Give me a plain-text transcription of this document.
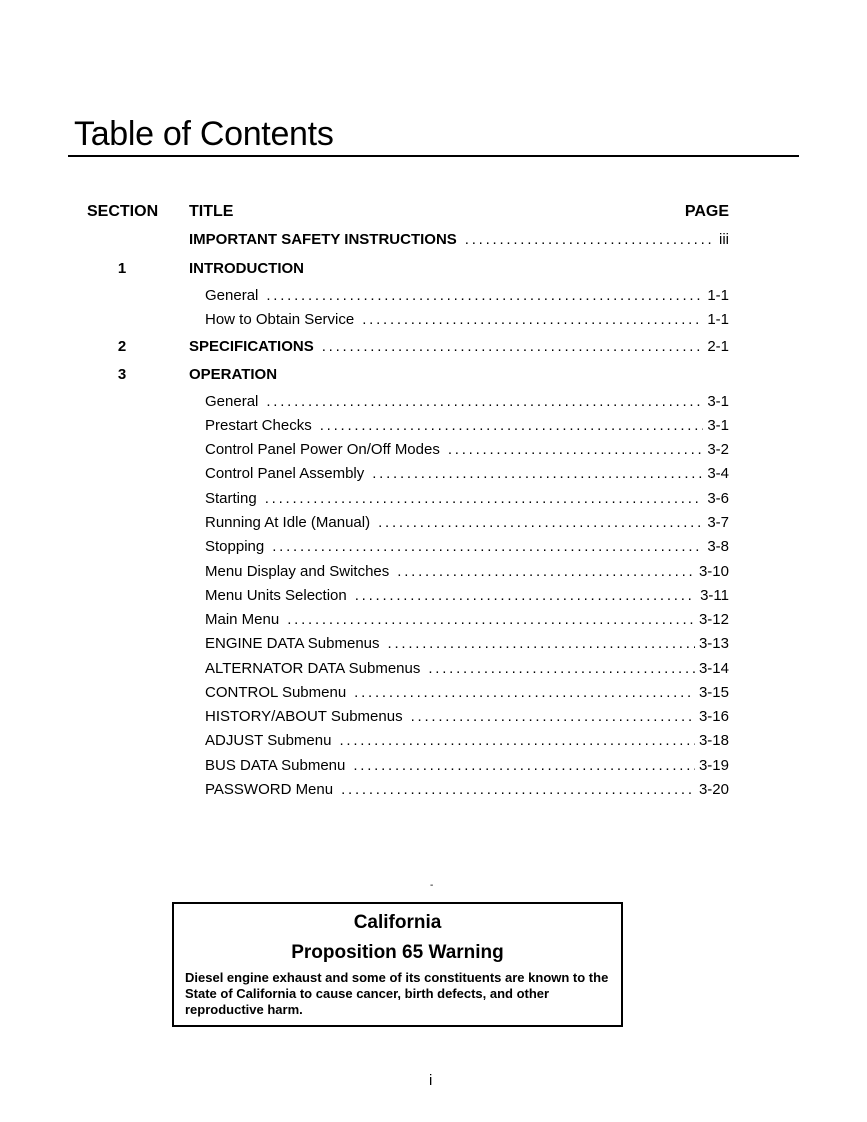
Table of Contents
SECTION TITLE	PAGE
IMPORTANT SAFETY INSTRUCTIONS . . .	iii
1	INTRODUCTION
General . . .	1-1
How to Obtain Service . . .	1-1
2	SPECIFICATIONS . . .	2-1
3	OPERATION
General . . .	3-1
Prestart Checks . . .	3-1
Control Panel Power On/Off Modes . . .	3-2
Control Panel Assembly . . .	3-4
Starting . . .	3-6
Running At Idle (Manual) . . .	3-7
Stopping . . .	3-8
Menu Display and Switches . . .	3-10
Menu Units Selection . . .	3-11
Main Menu . . .	3-12
ENGINE DATA Submenus . . .	3-13
ALTERNATOR DATA Submenus . . .	3-14
CONTROL Submenu . . .	3-15
HISTORY/ABOUT Submenus . . .	3-16
ADJUST Submenu . . .	3-18
BUS DATA Submenu . . .	3-19
PASSWORD Menu . . .	3-20
-
California
Proposition 65 Warning
Diesel engine exhaust and some of its constituents are known to the State of California to cause cancer, birth defects, and other reproductive harm.
i
